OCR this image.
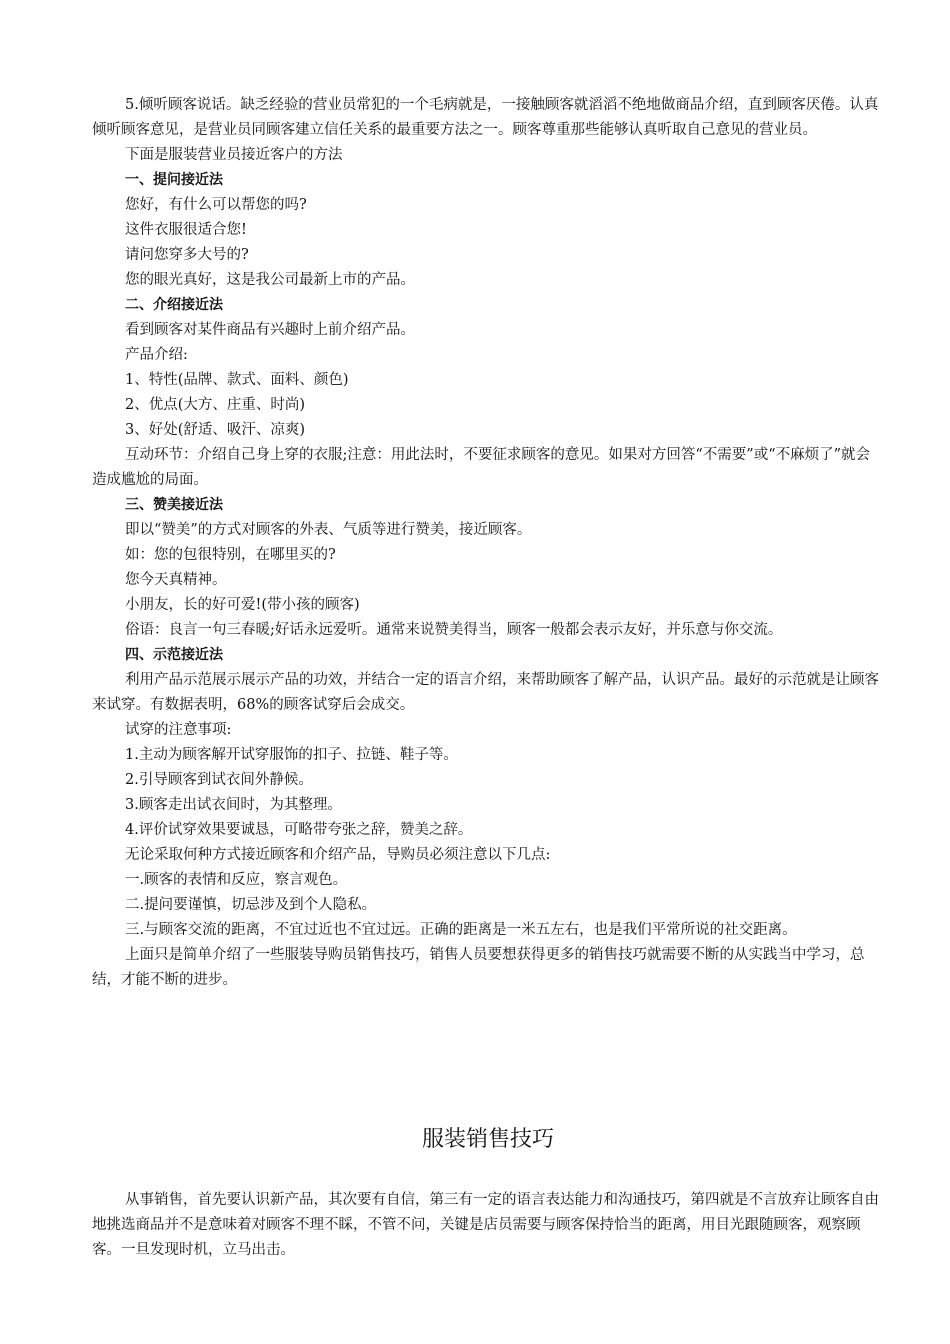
5.倾听顾客说话。缺乏经验的营业员常犯的一个毛病就是，一接触顾客就滔滔不绝地做商品介绍，直到顾客厌倦。认真倾听顾客意见，是营业员同顾客建立信任关系的最重要方法之一。顾客尊重那些能够认真听取自己意见的营业员。

下面是服装营业员接近客户的方法

一、提问接近法

您好，有什么可以帮您的吗?

这件衣服很适合您!

请问您穿多大号的?

您的眼光真好，这是我公司最新上市的产品。

二、介绍接近法

看到顾客对某件商品有兴趣时上前介绍产品。

产品介绍:

1、特性(品牌、款式、面料、颜色)

2、优点(大方、庄重、时尚)

3、好处(舒适、吸汗、凉爽)

互动环节：介绍自己身上穿的衣服;注意：用此法时，不要征求顾客的意见。如果对方回答“不需要”或“不麻烦了”就会造成尴尬的局面。

三、赞美接近法

即以“赞美”的方式对顾客的外表、气质等进行赞美，接近顾客。

如：您的包很特别，在哪里买的?

您今天真精神。

小朋友，长的好可爱!(带小孩的顾客)

俗语：良言一句三春暖;好话永远爱听。通常来说赞美得当，顾客一般都会表示友好，并乐意与你交流。

四、示范接近法

利用产品示范展示展示产品的功效，并结合一定的语言介绍，来帮助顾客了解产品，认识产品。最好的示范就是让顾客来试穿。有数据表明，68%的顾客试穿后会成交。

试穿的注意事项:

1.主动为顾客解开试穿服饰的扣子、拉链、鞋子等。

2.引导顾客到试衣间外静候。

3.顾客走出试衣间时，为其整理。

4.评价试穿效果要诚恳，可略带夸张之辞，赞美之辞。

无论采取何种方式接近顾客和介绍产品，导购员必须注意以下几点:

一.顾客的表情和反应，察言观色。

二.提问要谨慎，切忌涉及到个人隐私。

三.与顾客交流的距离，不宜过近也不宜过远。正确的距离是一米五左右，也是我们平常所说的社交距离。

上面只是简单介绍了一些服装导购员销售技巧，销售人员要想获得更多的销售技巧就需要不断的从实践当中学习，总结，才能不断的进步。

服装销售技巧

从事销售，首先要认识新产品，其次要有自信，第三有一定的语言表达能力和沟通技巧，第四就是不言放弃让顾客自由地挑选商品并不是意味着对顾客不理不睬，不管不问，关键是店员需要与顾客保持恰当的距离，用目光跟随顾客，观察顾客。一旦发现时机，立马出击。
